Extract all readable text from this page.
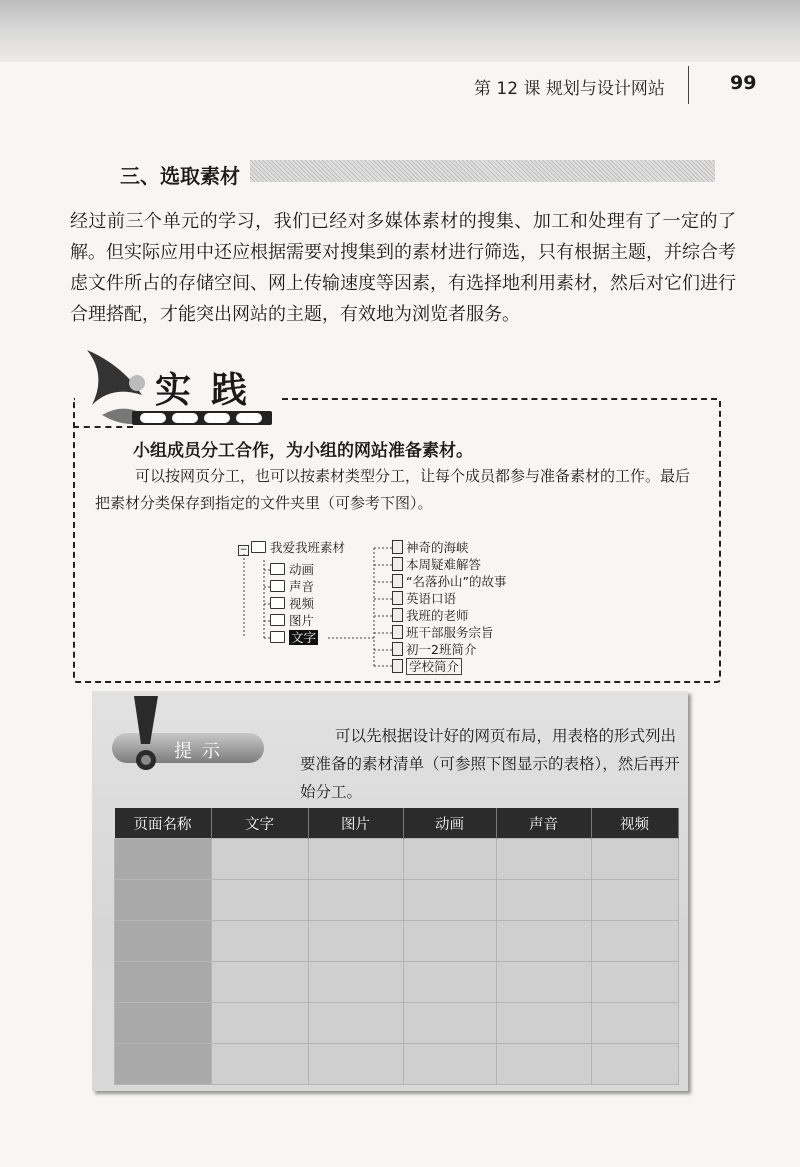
第 12 课 规划与设计网站	99
三、选取素材
经过前三个单元的学习，我们已经对多媒体素材的搜集、加工和处理有了一定的了解。但实际应用中还应根据需要对搜集到的素材进行筛选，只有根据主题，并综合考虑文件所占的存储空间、网上传输速度等因素，有选择地利用素材，然后对它们进行合理搭配，才能突出网站的主题，有效地为浏览者服务。
实践
小组成员分工合作，为小组的网站准备素材。
可以按网页分工，也可以按素材类型分工，让每个成员都参与准备素材的工作。最后把素材分类保存到指定的文件夹里（可参考下图）。
− 我爱我班素材
动画
声音
视频
图片
文字
神奇的海峡
本周疑难解答
“名落孙山”的故事
英语口语
我班的老师
班干部服务宗旨
初一2班简介
学校简介
提示
可以先根据设计好的网页布局，用表格的形式列出要准备的素材清单（可参照下图显示的表格），然后再开始分工。
页面名称	文字	图片	动画	声音	视频
